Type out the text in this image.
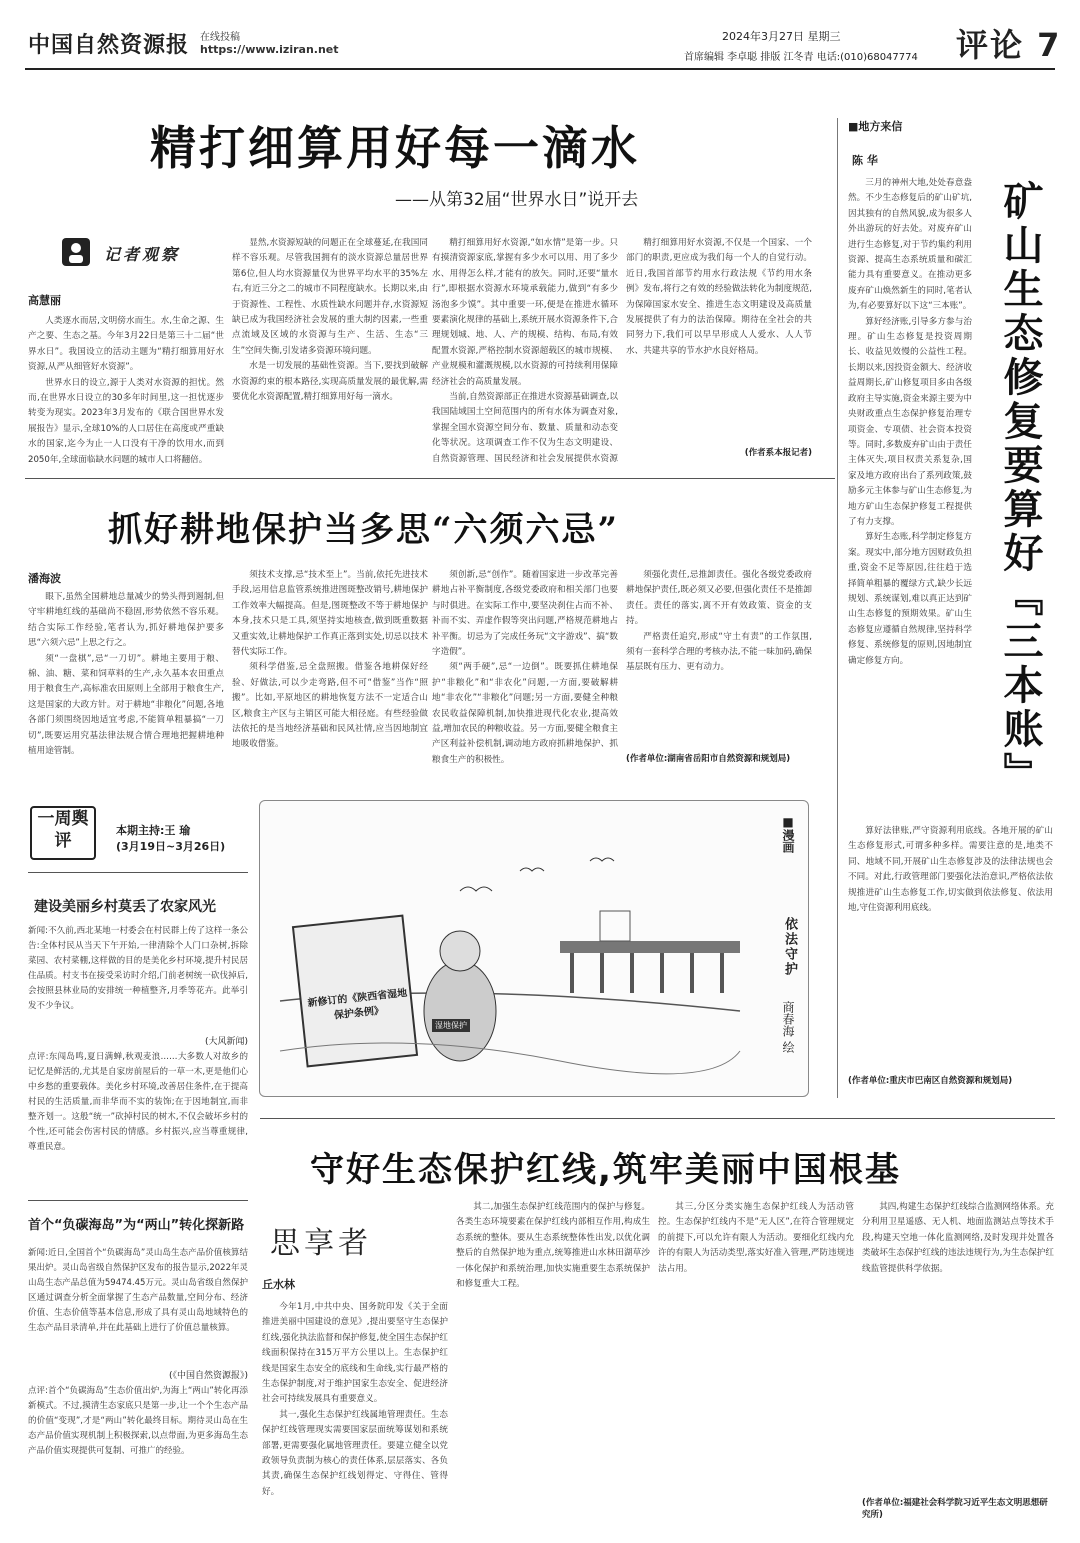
中国自然资源报 在线投稿
https://www.iziran.net
2024年3月27日 星期三
首席编辑 李卓聪 排版 江冬青 电话:(010)68047774 评论 7
精打细算用好每一滴水
——从第32届“世界水日”说开去
记者观察
高慧丽

人类逐水而居,文明傍水而生。水,生命之源、生产之要、生态之基。今年3月22日是第三十二届“世界水日”。我国设立的活动主题为“精打细算用好水资源,从严从细管好水资源”。

世界水日的设立,源于人类对水资源的担忧。然而,在世界水日设立的30多年时间里,这一担忧逐步转变为现实。2023年3月发布的《联合国世界水发展报告》显示,全球10%的人口居住在高度或严重缺水的国家,迄今为止一人口没有干净的饮用水,而到2050年,全球面临缺水问题的城市人口将翻倍。

显然,水资源短缺的问题正在全球蔓延,在我国同样不容乐观。尽管我国拥有的淡水资源总量居世界第6位,但人均水资源量仅为世界平均水平的35%左右,有近三分之二的城市不同程度缺水。长期以来,由于资源性、工程性、水质性缺水问题并存,水资源短缺已成为我国经济社会发展的重大制约因素,一些重点流域及区域的水资源与生产、生活、生态“三生”空间失衡,引发诸多资源环境问题。

水是一切发展的基础性资源。当下,要找到破解水资源约束的根本路径,实现高质量发展的最优解,需要优化水资源配置,精打细算用好每一滴水。

精打细算用好水资源,“如水情”是第一步。只有摸清资源家底,掌握有多少水可以用、用了多少水、用得怎么样,才能有的放矢。同时,还要“量水行”,即根据水资源水环境承载能力,做到“有多少汤泡多少馍”。其中重要一环,便是在推进水循环要素演化规律的基础上,系统开展水资源条件下,合理规划城、地、人、产的规模、结构、布局,有效配置水资源,严格控制水资源超载区的城市规模、产业规模和灌溉规模,以水资源的可持续利用保障经济社会的高质量发展。

当前,自然资源部正在推进水资源基础调查,以我国陆域国土空间范围内的所有水体为调查对象,掌握全国水资源空间分布、数量、质量和动态变化等状况。这项调查工作不仅为生态文明建设、自然资源管理、国民经济和社会发展提供水资源

精打细算用好水资源,不仅是一个国家、一个部门的职责,更应成为我们每一个人的自觉行动。近日,我国首部节约用水行政法规《节约用水条例》发布,将行之有效的经验做法转化为制度规范,为保障国家水安全、推进生态文明建设及高质量发展提供了有力的法治保障。期待在全社会的共同努力下,我们可以早早形成人人爱水、人人节水、共建共享的节水护水良好格局。

(作者系本报记者)
抓好耕地保护当多思“六须六忌”
潘海波

眼下,虽然全国耕地总量减少的势头得到遏制,但守牢耕地红线的基础尚不稳固,形势依然不容乐观。结合实际工作经验,笔者认为,抓好耕地保护要多思“六须六忌”上思之行之。

须“一盘棋”,忌“一刀切”。耕地主要用于粮、棉、油、糖、菜和饲草料的生产,永久基本农田重点用于粮食生产,高标准农田原则上全部用于粮食生产,这是国家的大政方针。对于耕地“非粮化”问题,各地各部门须围绕因地适宜考虑,不能简单粗暴搞“一刀切”,既要运用究基法律法规合情合理地把握耕地种植用途管制。

须技术支撑,忌“技术至上”。当前,依托先进技术手段,运用信息监管系统推进图斑整改销号,耕地保护工作效率大幅提高。但是,图斑整改不等于耕地保护本身,技术只是工具,须坚持实地核查,做到既重数据又重实效,让耕地保护工作真正落到实处,切忌以技术替代实际工作。

须科学借鉴,忌全盘照搬。借鉴各地耕保好经验、好做法,可以少走弯路,但不可“借鉴”当作“照搬”。比如,平原地区的耕地恢复方法不一定适合山区,粮食主产区与主销区可能大相径庭。有些经验做法依托的是当地经济基础和民风社情,应当因地制宜地吸收借鉴。

须创新,忌“创作”。随着国家进一步改革完善耕地占补平衡制度,各级党委政府和相关部门也要与时俱进。在实际工作中,要坚决刹住占而不补、补而不实、弄虚作假等突出问题,严格规范耕地占补平衡。切忌为了完成任务玩“文字游戏”、搞“数字造假”。

须“两手硬”,忌“一边倒”。既要抓住耕地保护“非粮化”和“非农化”问题,一方面,要破解耕地“非农化”“非粮化”问题;另一方面,要健全种粮农民收益保障机制,加快推进现代化农业,提高效益,增加农民的种粮收益。另一方面,要健全粮食主产区利益补偿机制,调动地方政府抓耕地保护、抓粮食生产的积极性。

须强化责任,忌推卸责任。强化各级党委政府耕地保护责任,既必须又必要,但强化责任不是推卸责任。责任的落实,离不开有效政策、资金的支持。

严格责任追究,形成“守土有责”的工作氛围,须有一套科学合理的考核办法,不能一味加码,确保基层既有压力、更有动力。

(作者单位:湖南省岳阳市自然资源和规划局)
■地方来信
陈 华
矿山生态修复要算好『三本账』

三月的神州大地,处处春意盎然。不少生态修复后的矿山矿坑,因其独有的自然风貌,成为很多人外出游玩的好去处。对废弃矿山进行生态修复,对于节约集约利用资源、提高生态系统质量和碳汇能力具有重要意义。在推动更多废弃矿山焕然新生的同时,笔者认为,有必要算好以下这“三本账”。

算好经济账,引导多方参与治理。矿山生态修复是投资周期长、收益见效慢的公益性工程。长期以来,因投资金额大、经济收益周期长,矿山修复项目多由各级政府主导实施,资金来源主要为中央财政重点生态保护修复治理专项资金、专项债、社会资本投资等。同时,多数废弃矿山由于责任主体灭失,项目权责关系复杂,国家及地方政府出台了系列政策,鼓励多元主体参与矿山生态修复,为地方矿山生态保护修复工程提供了有力支撑。

算好生态账,科学制定修复方案。现实中,部分地方因财政负担重,资金不足等原因,往往趋于选择简单粗暴的覆绿方式,缺少长远规划、系统谋划,难以真正达到矿山生态修复的预期效果。矿山生态修复应遵循自然规律,坚持科学修复、系统修复的原则,因地制宜确定修复方向。

算好法律账,严守资源利用底线。各地开展的矿山生态修复形式,可谓多种多样。需要注意的是,地类不同、地域不同,开展矿山生态修复涉及的法律法规也会不同。对此,行政管理部门要强化法治意识,严格依法依规推进矿山生态修复工作,切实做到依法修复、依法用地,守住资源利用底线。

(作者单位:重庆市巴南区自然资源和规划局)
一周舆评
本期主持:王 瑜
(3月19日~3月26日)
建设美丽乡村莫丢了农家风光
新闻:不久前,西北某地一村委会在村民群上传了这样一条公告:全体村民从当天下午开始,一律清除个人门口杂树,拆除菜园、农村菜棚,这样做的目的是美化乡村环境,提升村民居住品质。村支书在接受采访时介绍,门前老树统一砍伐掉后,会按照县林业局的安排统一种植整齐,月季等花卉。此举引发不少争议。
(大风新闻)
点评:东闯岛鸣,夏日满蝉,秋观麦浪……大多数人对故乡的记忆是鲜活的,尤其是自家房前屋后的一草一木,更是他们心中乡愁的重要载体。美化乡村环境,改善居住条件,在于提高村民的生活质量,而非华而不实的装饰;在于因地制宜,而非整齐划一。这般“统一”砍掉村民的树木,不仅会破坏乡村的个性,还可能会伤害村民的情感。乡村振兴,应当尊重规律,尊重民意。
首个“负碳海岛”为“两山”转化探新路
新闻:近日,全国首个“负碳海岛”灵山岛生态产品价值核算结果出炉。灵山岛省级自然保护区发布的报告显示,2022年灵山岛生态产品总值为59474.45万元。灵山岛省级自然保护区通过调查分析全面掌握了生态产品数量,空间分布、经济价值、生态价值等基本信息,形成了具有灵山岛地域特色的生态产品目录清单,并在此基础上进行了价值总量核算。
(《中国自然资源报》)
点评:首个“负碳海岛”生态价值出炉,为海上“两山”转化再添新模式。不过,摸清生态家底只是第一步,让一个个生态产品的价值“变现”,才是“两山”转化最终目标。期待灵山岛在生态产品价值实现机制上积极探索,以点带面,为更多海岛生态产品价值实现提供可复制、可推广的经验。
新修订的《陕西省湿地保护条例》
湿地保护
■漫画
依法守护
商春海 绘
守好生态保护红线,筑牢美丽中国根基
思享者
丘水林

今年1月,中共中央、国务院印发《关于全面推进美丽中国建设的意见》,提出要坚守生态保护红线,强化执法监督和保护修复,使全国生态保护红线面积保持在315万平方公里以上。生态保护红线是国家生态安全的底线和生命线,实行最严格的生态保护制度,对于维护国家生态安全、促进经济社会可持续发展具有重要意义。

其一,强化生态保护红线属地管理责任。生态保护红线管理现实需要国家层面统筹谋划和系统部署,更需要强化属地管理责任。要建立健全以党政领导负责制为核心的责任体系,层层落实、各负其责,确保生态保护红线划得定、守得住、管得好。

其二,加强生态保护红线范围内的保护与修复。各类生态环境要素在保护红线内部相互作用,构成生态系统的整体。要从生态系统整体性出发,以优化调整后的自然保护地为重点,统筹推进山水林田湖草沙一体化保护和系统治理,加快实施重要生态系统保护和修复重大工程。

其三,分区分类实施生态保护红线人为活动管控。生态保护红线内不是“无人区”,在符合管理规定的前提下,可以允许有限人为活动。要细化红线内允许的有限人为活动类型,落实好准入管理,严防违规违法占用。

其四,构建生态保护红线综合监测网络体系。充分利用卫星遥感、无人机、地面监测站点等技术手段,构建天空地一体化监测网络,及时发现并处置各类破坏生态保护红线的违法违规行为,为生态保护红线监管提供科学依据。

(作者单位:福建社会科学院习近平生态文明思想研究所)
